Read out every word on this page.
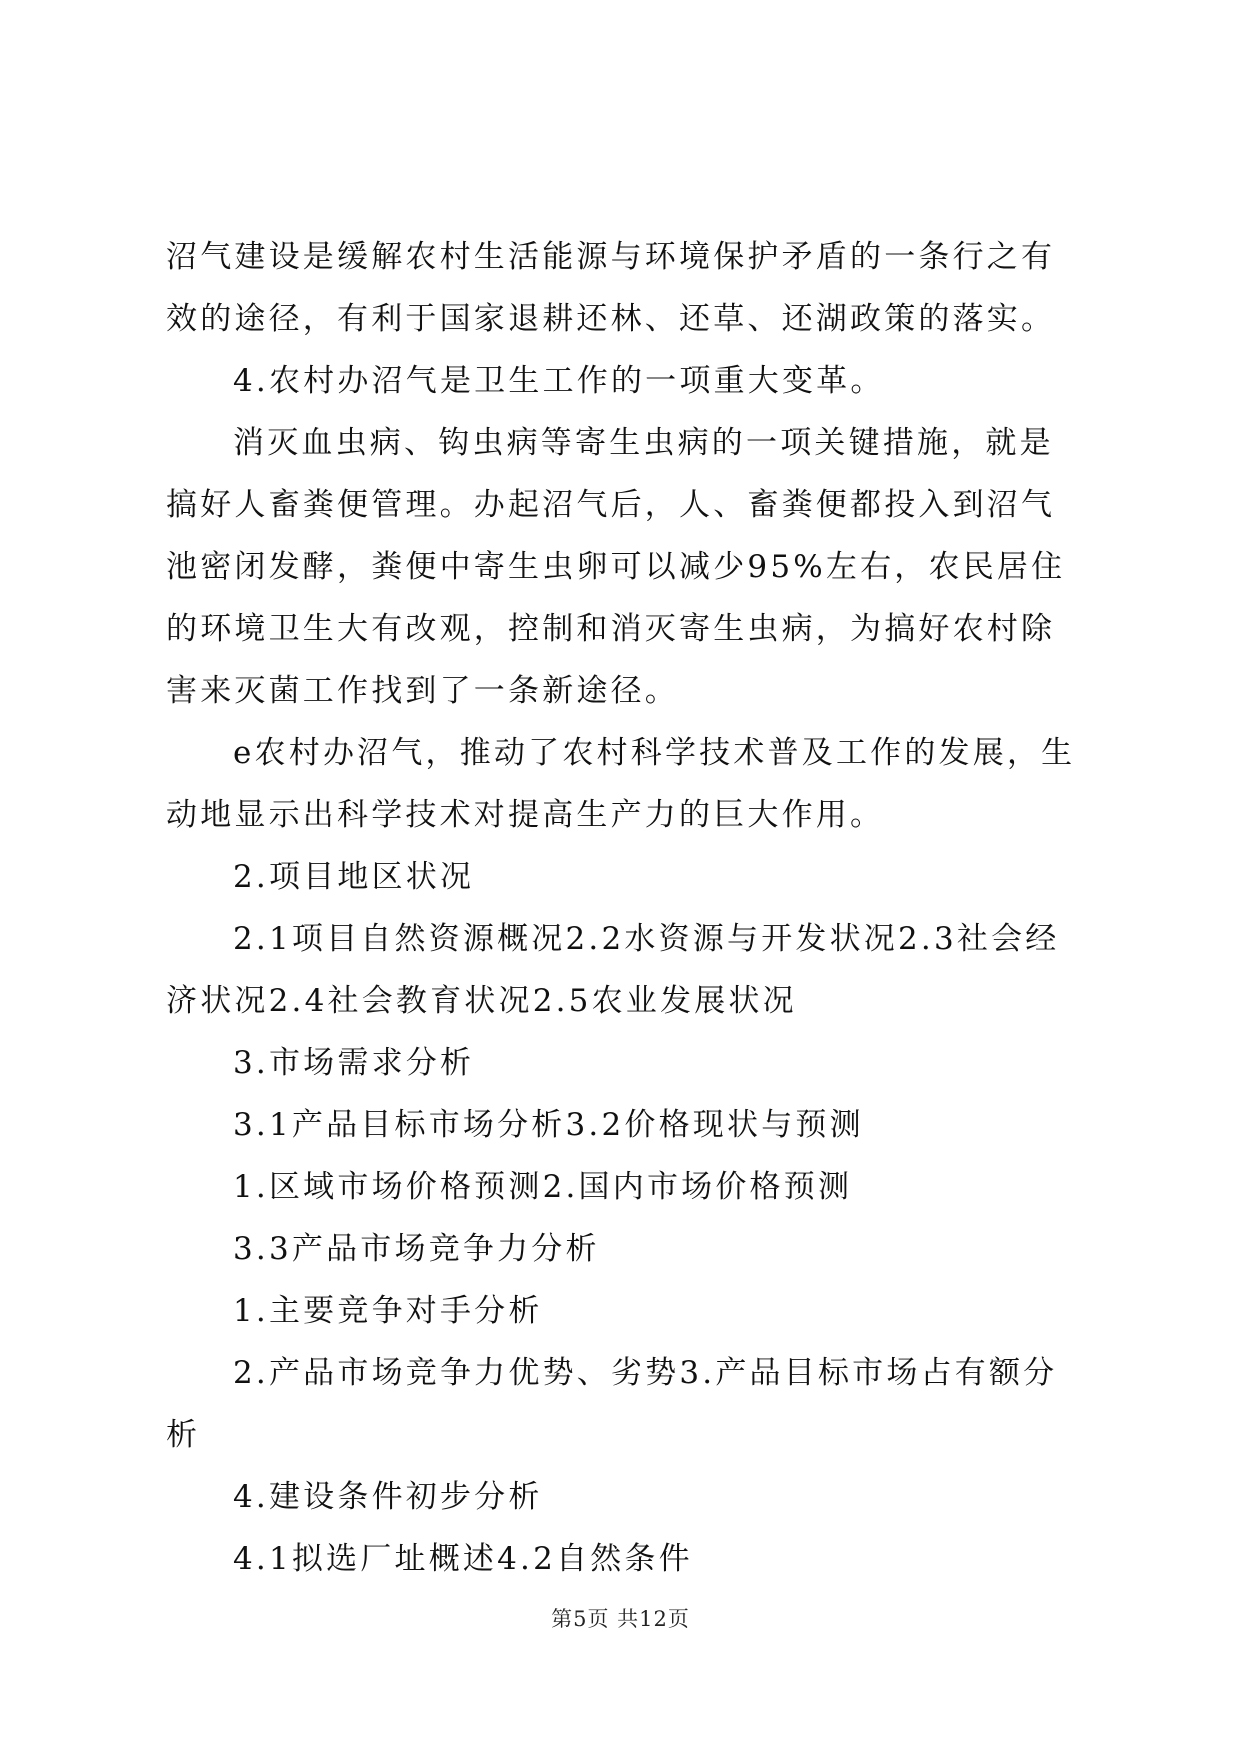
沼气建设是缓解农村生活能源与环境保护矛盾的一条行之有效的途径，有利于国家退耕还林、还草、还湖政策的落实。

4.农村办沼气是卫生工作的一项重大变革。

消灭血虫病、钩虫病等寄生虫病的一项关键措施，就是搞好人畜粪便管理。办起沼气后，人、畜粪便都投入到沼气池密闭发酵，粪便中寄生虫卵可以减少95%左右，农民居住的环境卫生大有改观，控制和消灭寄生虫病，为搞好农村除害来灭菌工作找到了一条新途径。

e农村办沼气，推动了农村科学技术普及工作的发展，生动地显示出科学技术对提高生产力的巨大作用。

2.项目地区状况

2.1项目自然资源概况2.2水资源与开发状况2.3社会经济状况2.4社会教育状况2.5农业发展状况

3.市场需求分析

3.1产品目标市场分析3.2价格现状与预测

1.区域市场价格预测2.国内市场价格预测

3.3产品市场竞争力分析

1.主要竞争对手分析

2.产品市场竞争力优势、劣势3.产品目标市场占有额分析

4.建设条件初步分析

4.1拟选厂址概述4.2自然条件

第5页 共12页
